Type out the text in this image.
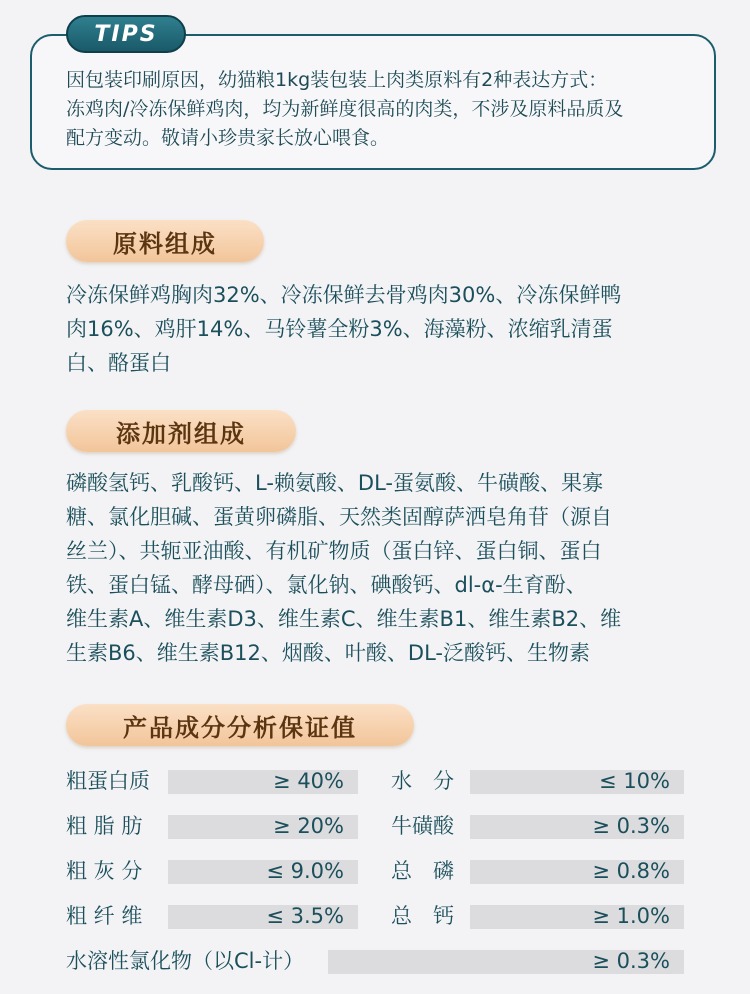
TIPS
因包装印刷原因，幼猫粮1kg装包装上肉类原料有2种表达方式：
冻鸡肉/冷冻保鲜鸡肉，均为新鲜度很高的肉类，不涉及原料品质及
配方变动。敬请小珍贵家长放心喂食。
原料组成
冷冻保鲜鸡胸肉32%、冷冻保鲜去骨鸡肉30%、冷冻保鲜鸭
肉16%、鸡肝14%、马铃薯全粉3%、海藻粉、浓缩乳清蛋
白、酪蛋白
添加剂组成
磷酸氢钙、乳酸钙、L-赖氨酸、DL-蛋氨酸、牛磺酸、果寡
糖、氯化胆碱、蛋黄卵磷脂、天然类固醇萨洒皂角苷（源自
丝兰）、共轭亚油酸、有机矿物质（蛋白锌、蛋白铜、蛋白
铁、蛋白锰、酵母硒）、氯化钠、碘酸钙、dl-α-生育酚、
维生素A、维生素D3、维生素C、维生素B1、维生素B2、维
生素B6、维生素B12、烟酸、叶酸、DL-泛酸钙、生物素
产品成分分析保证值
粗蛋白质	≥ 40% 水　分	≤ 10%
粗 脂 肪	≥ 20% 牛磺酸	≥ 0.3%
粗 灰 分	≤ 9.0% 总　磷	≥ 0.8%
粗 纤 维	≤ 3.5% 总　钙	≥ 1.0%
水溶性氯化物（以Cl-计）	≥ 0.3%
